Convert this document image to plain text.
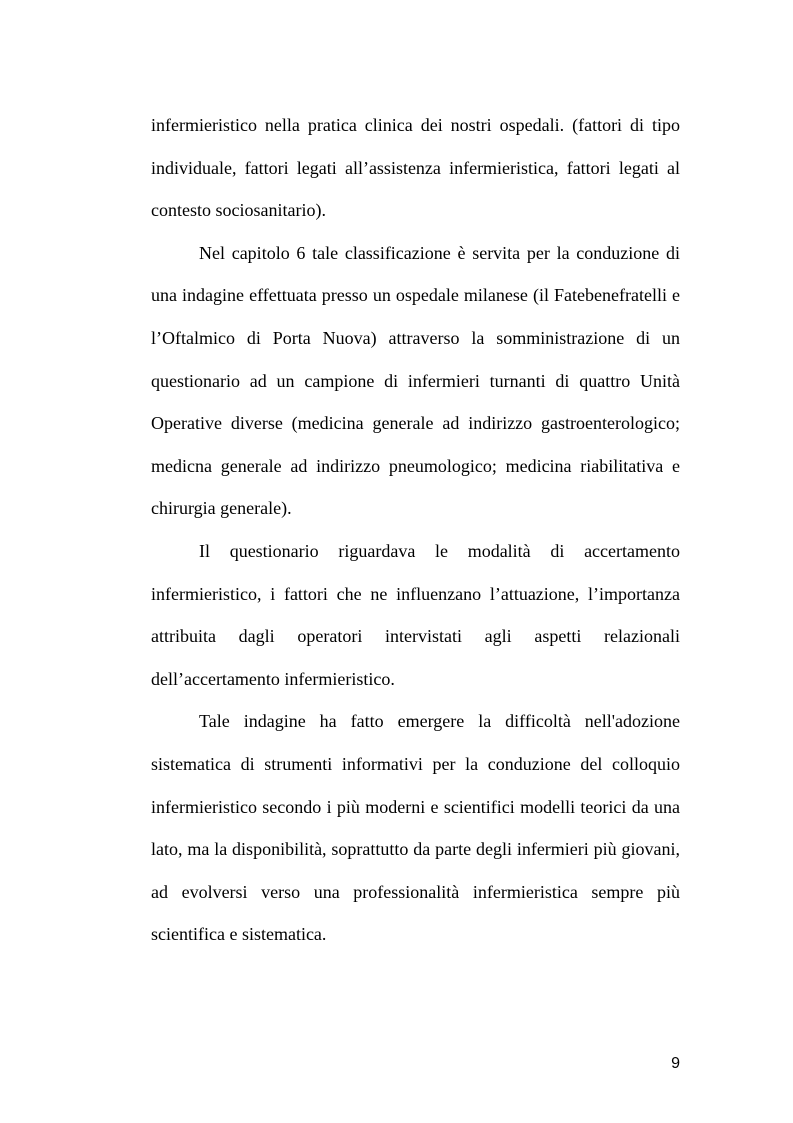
infermieristico nella pratica clinica dei nostri ospedali. (fattori di tipo individuale, fattori legati all’assistenza infermieristica, fattori legati al contesto sociosanitario).

Nel capitolo 6 tale classificazione è servita per la conduzione di una indagine effettuata presso un ospedale milanese (il Fatebenefratelli e l’Oftalmico di Porta Nuova) attraverso la somministrazione di un questionario ad un campione di infermieri turnanti di quattro Unità Operative diverse (medicina generale ad indirizzo gastroenterologico; medicna generale ad indirizzo pneumologico; medicina riabilitativa e chirurgia generale).

Il questionario riguardava le modalità di accertamento infermieristico, i fattori che ne influenzano l’attuazione, l’importanza attribuita dagli operatori intervistati agli aspetti relazionali dell’accertamento infermieristico.

Tale indagine ha fatto emergere la difficoltà nell'adozione sistematica di strumenti informativi per la conduzione del colloquio infermieristico secondo i più moderni e scientifici modelli teorici da una lato, ma la disponibilità, soprattutto da parte degli infermieri più giovani, ad evolversi verso una professionalità infermieristica sempre più scientifica e sistematica.

9
